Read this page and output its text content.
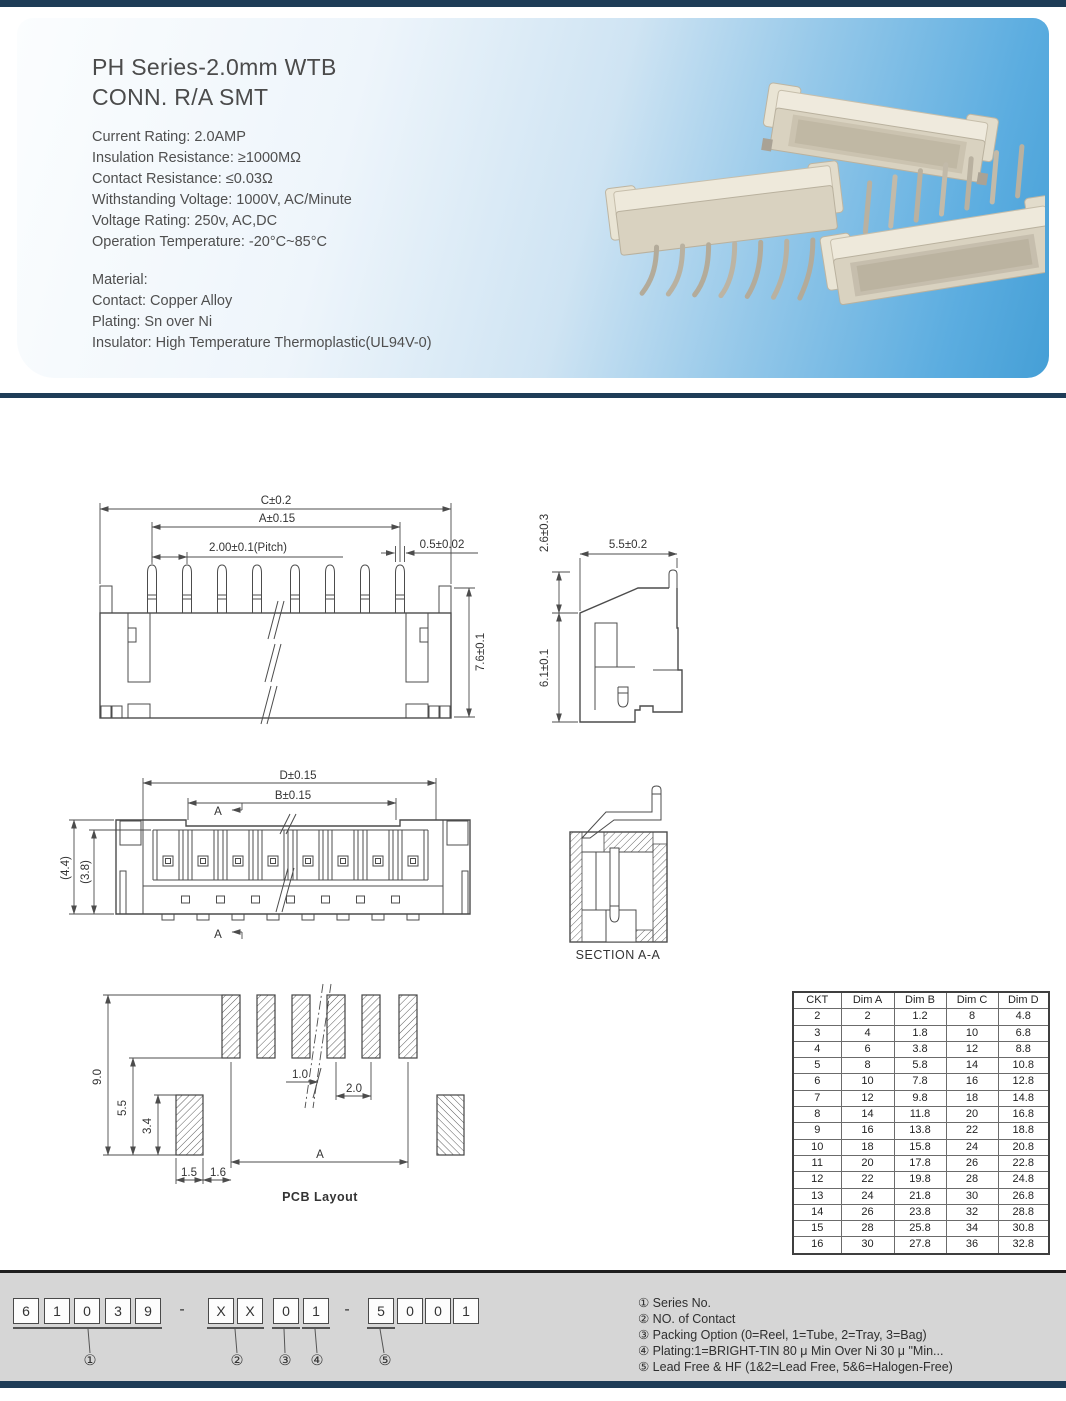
PH Series-2.0mm WTB
CONN. R/A SMT
Current Rating: 2.0AMP
Insulation Resistance: ≥1000MΩ
Contact Resistance: ≤0.03Ω
Withstanding Voltage: 1000V, AC/Minute
Voltage Rating: 250v, AC,DC
Operation Temperature: -20°C~85°C
Material:
Contact: Copper Alloy
Plating: Sn over Ni
Insulator: High Temperature Thermoplastic(UL94V-0)
C±0.2
A±0.15
2.00±0.1(Pitch)	0.5±0.02
7.6±0.1
2.6±0.3	5.5±0.2
6.1±0.1
D±0.15
B±0.15
A
(4.4) (3.8)
A
SECTION A-A
9.0
5.5
3.4
1.0
2.0
A
1.5 1.6
PCB Layout
CKT	Dim A	Dim B	Dim C	Dim D
2	2	1.2	8	4.8
3	4	1.8	10	6.8
4	6	3.8	12	8.8
5	8	5.8	14	10.8
6	10	7.8	16	12.8
7	12	9.8	18	14.8
8	14	11.8	20	16.8
9	16	13.8	22	18.8
10	18	15.8	24	20.8
11	20	17.8	26	22.8
12	22	19.8	28	24.8
13	24	21.8	30	26.8
14	26	23.8	32	28.8
15	28	25.8	34	30.8
16	30	27.8	36	32.8
6	1	0	3	9	-	X	X	0	1	-	5	0	0	1
①	②	③	④	⑤
① Series No.
② NO. of Contact
③ Packing Option (0=Reel, 1=Tube, 2=Tray, 3=Bag)
④ Plating:1=BRIGHT-TIN 80 μ Min Over Ni 30 μ "Min...
⑤ Lead Free & HF (1&2=Lead Free, 5&6=Halogen-Free)
